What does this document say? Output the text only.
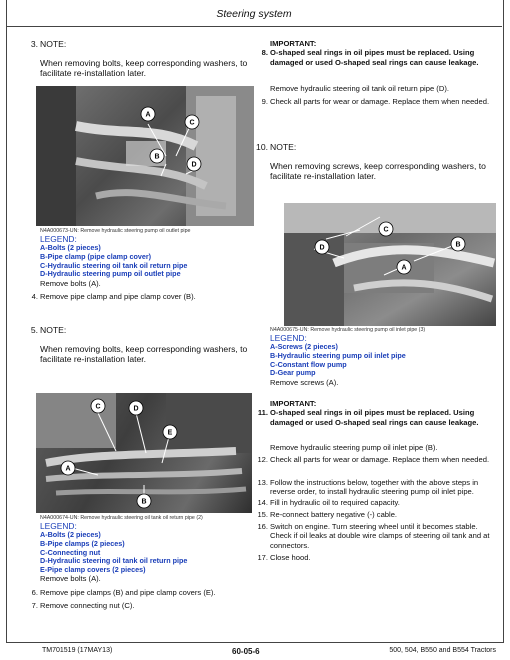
Steering system
3. NOTE:
When removing bolts, keep corresponding washers, to facilitate re-installation later.
A
C
B
D
N4A000673-UN: Remove hydraulic steering pump oil outlet pipe
LEGEND:
A-Bolts (2 pieces)
B-Pipe clamp (pipe clamp cover)
C-Hydraulic steering oil tank oil return pipe
D-Hydraulic steering pump oil outlet pipe
Remove bolts (A).
4. Remove pipe clamp and pipe clamp cover (B).
5. NOTE:
When removing bolts, keep corresponding washers, to facilitate re-installation later.
C	D
E
A
B
N4A000674-UN: Remove hydraulic steering oil tank oil return pipe (2)
LEGEND:
A-Bolts (2 pieces)
B-Pipe clamps (2 pieces)
C-Connecting nut
D-Hydraulic steering oil tank oil return pipe
E-Pipe clamp covers (2 pieces)
Remove bolts (A).
6. Remove pipe clamps (B) and pipe clamp covers (E).
7. Remove connecting nut (C).
IMPORTANT:
8. O-shaped seal rings in oil pipes must be replaced. Using damaged or used O-shaped seal rings can cause leakage.
Remove hydraulic steering oil tank oil return pipe (D).
9. Check all parts for wear or damage. Replace them when needed.
10. NOTE:
When removing screws, keep corresponding washers, to facilitate re-installation later.
C
D	B
A
N4A000675-UN: Remove hydraulic steering pump oil inlet pipe (3)
LEGEND:
A-Screws (2 pieces)
B-Hydraulic steering pump oil inlet pipe
C-Constant flow pump
D-Gear pump
Remove screws (A).
IMPORTANT:
11. O-shaped seal rings in oil pipes must be replaced. Using damaged or used O-shaped seal rings can cause leakage.
Remove hydraulic steering pump oil inlet pipe (B).
12. Check all parts for wear or damage. Replace them when needed.
13. Follow the instructions below, together with the above steps in reverse order, to install hydraulic steering pump oil inlet pipe.
14. Fill in hydraulic oil to required capacity.
15. Re-connect battery negative (-) cable.
16. Switch on engine. Turn steering wheel until it becomes stable. Check if oil leaks at double wire clamps of steering oil tank and at connectors.
17. Close hood.
TM701519 (17MAY13)	60-05-6	500, 504, B550 and B554 Tractors
